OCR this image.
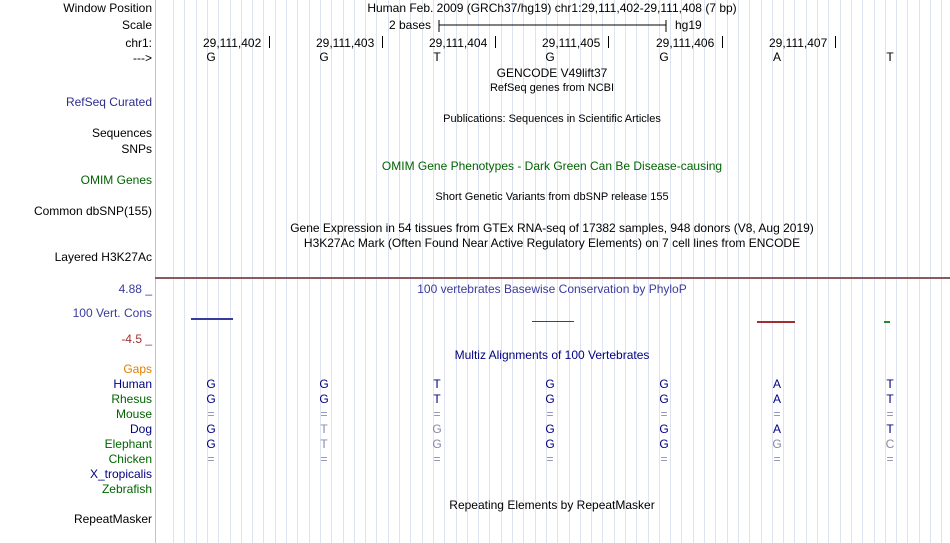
Window Position	Human Feb. 2009 (GRCh37/hg19) chr1:29,111,402-29,111,408 (7 bp)
Scale	2 bases	hg19
chr1:	29,111,402	29,111,403	29,111,404	29,111,405	29,111,406	29,111,407
--->	G	G	T	G	G	A	T
GENCODE V49lift37
RefSeq genes from NCBI
RefSeq Curated
Publications: Sequences in Scientific Articles
Sequences
SNPs
OMIM Gene Phenotypes - Dark Green Can Be Disease-causing
OMIM Genes
Short Genetic Variants from dbSNP release 155
Common dbSNP(155)
Gene Expression in 54 tissues from GTEx RNA-seq of 17382 samples, 948 donors (V8, Aug 2019)
H3K27Ac Mark (Often Found Near Active Regulatory Elements) on 7 cell lines from ENCODE
Layered H3K27Ac
4.88 _	100 vertebrates Basewise Conservation by PhyloP
100 Vert. Cons
-4.5 _
Multiz Alignments of 100 Vertebrates
Gaps
Human	G	G	T	G	G	A	T
Rhesus	G	G	T	G	G	A	T
Mouse	=	=	=	=	=	=	=
Dog	G	T	G	G	G	A	T
Elephant	G	T	G	G	G	G	C
Chicken	=	=	=	=	=	=	=
X_tropicalis
Zebrafish
Repeating Elements by RepeatMasker
RepeatMasker
